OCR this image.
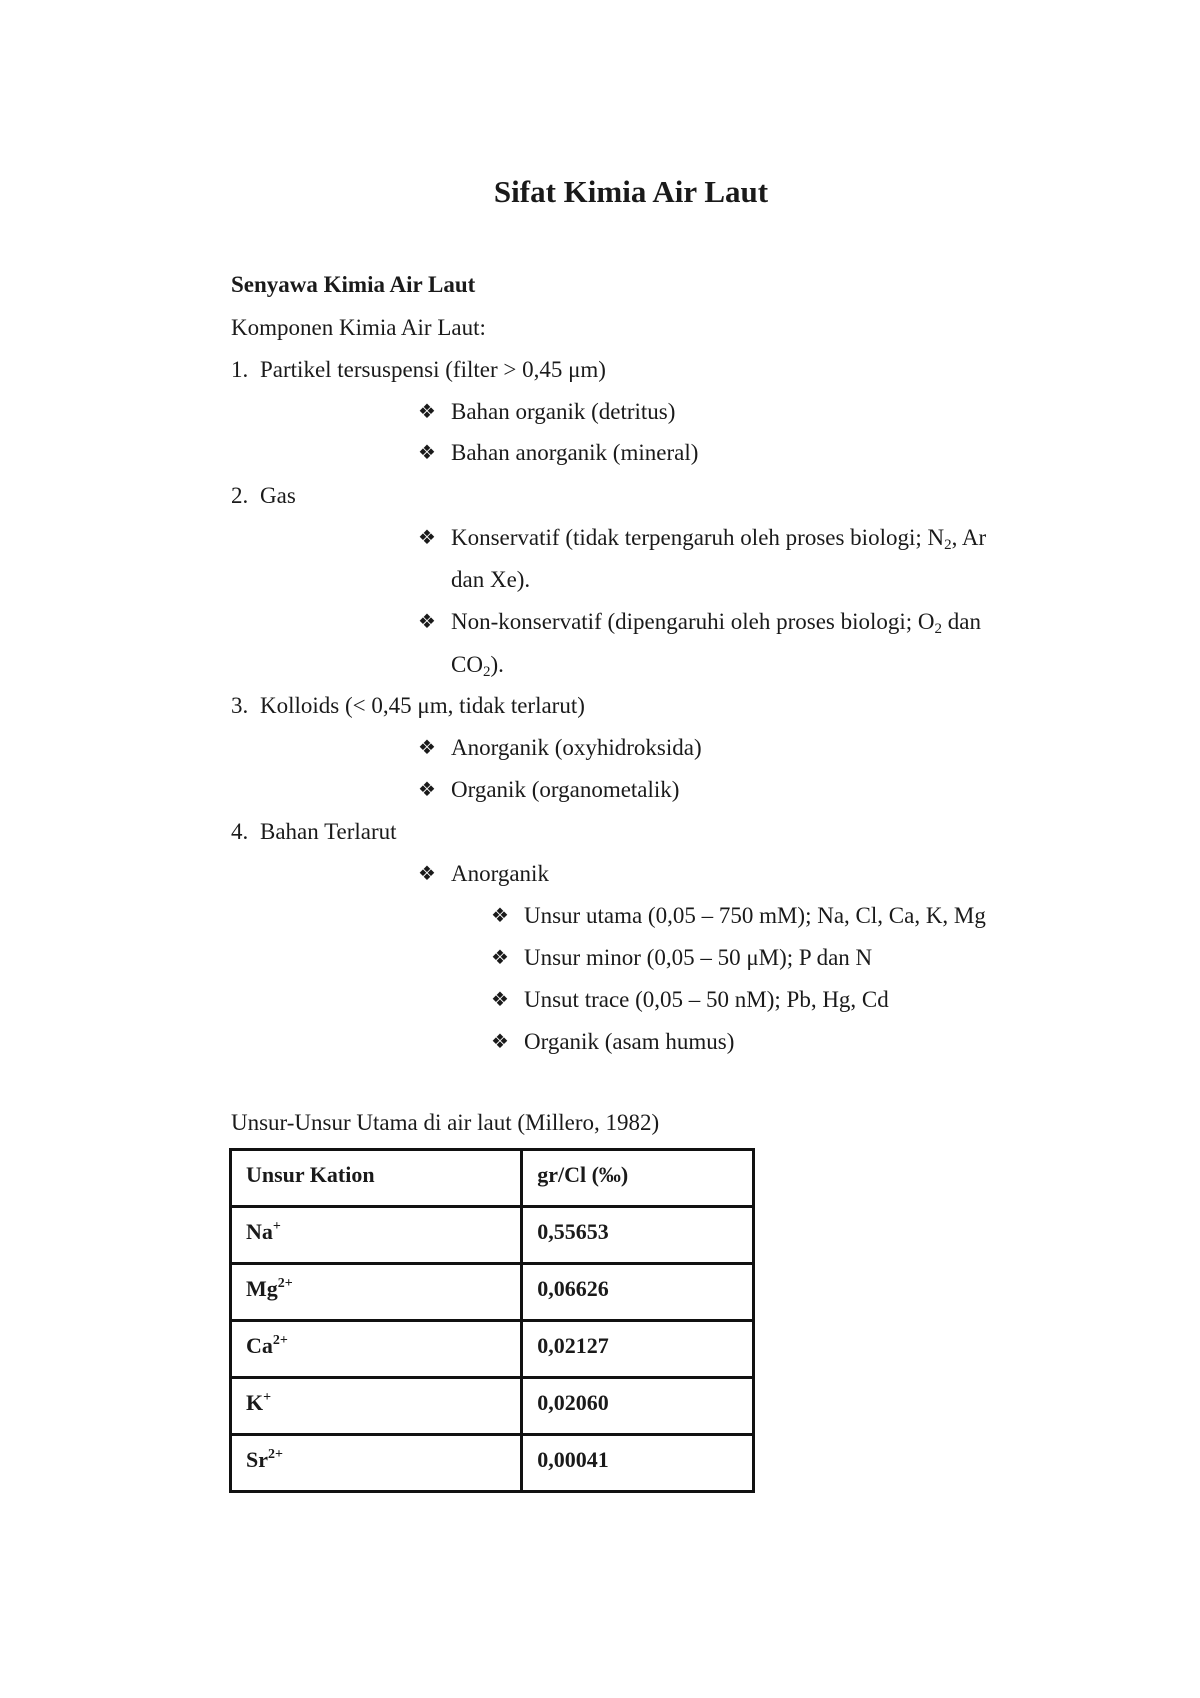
Sifat Kimia Air Laut
Senyawa Kimia Air Laut
Komponen Kimia Air Laut:
1. Partikel tersuspensi (filter > 0,45 μm)
❖ Bahan organik (detritus)
❖ Bahan anorganik (mineral)
2. Gas
❖ Konservatif (tidak terpengaruh oleh proses biologi; $N_2$, Ar
dan Xe).
❖ Non-konservatif (dipengaruhi oleh proses biologi; $O_2$ dan
$CO_2$).
3. Kolloids (< 0,45 μm, tidak terlarut)
❖ Anorganik (oxyhidroksida)
❖ Organik (organometalik)
4. Bahan Terlarut
❖ Anorganik
❖ Unsur utama (0,05 – 750 mM); Na, Cl, Ca, K, Mg
❖ Unsur minor (0,05 – 50 μM); P dan N
❖ Unsut trace (0,05 – 50 nM); Pb, Hg, Cd
❖ Organik (asam humus)
Unsur-Unsur Utama di air laut (Millero, 1982)
Unsur Kation	gr/Cl (‰)
Na+	0,55653
$Mg^{2+}$	0,06626
$Ca^{2+}$	0,02127
K+	0,02060
$Sr^{2+}$	0,00041
